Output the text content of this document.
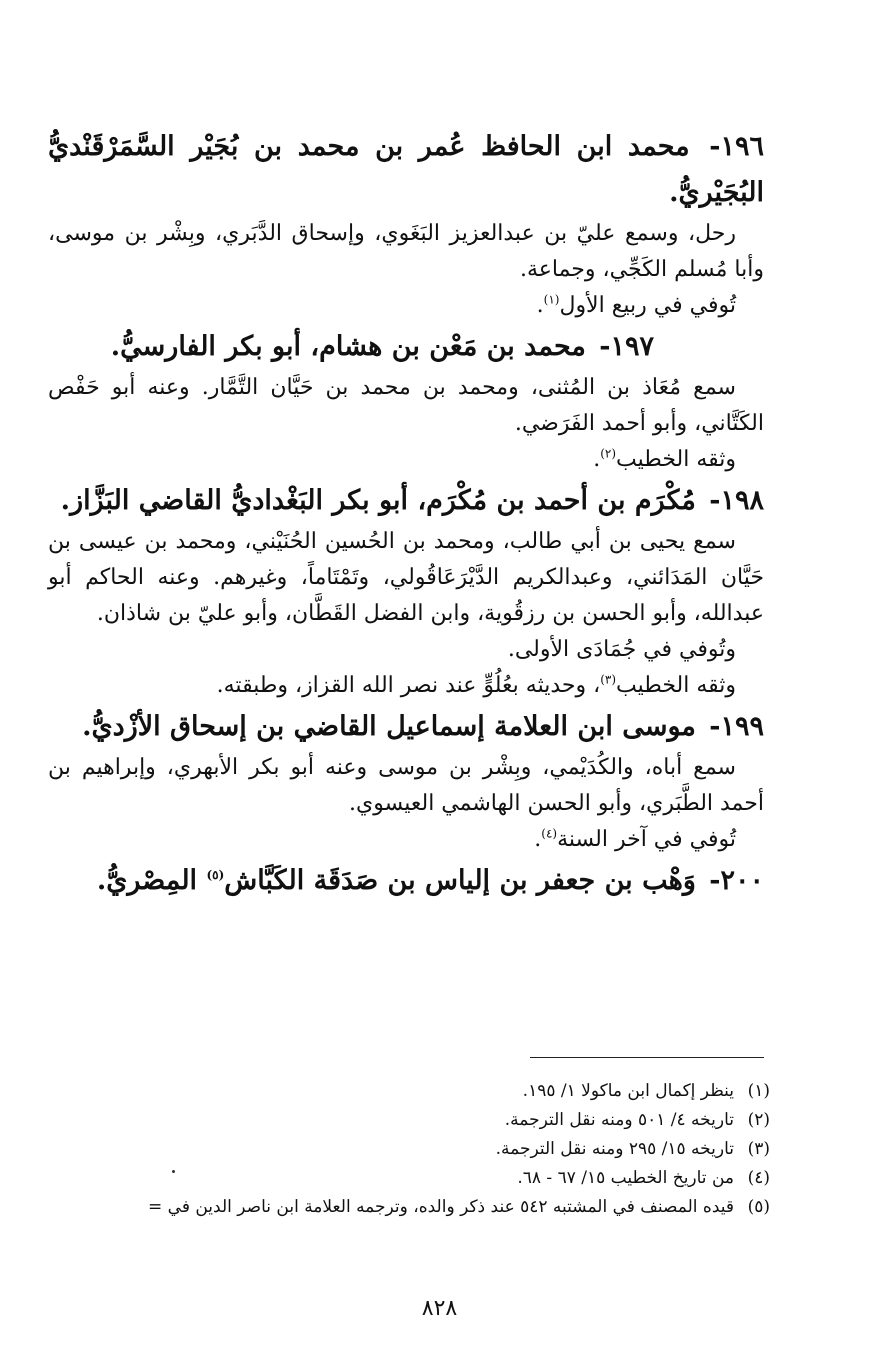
١٩٦- محمد ابن الحافظ عُمر بن محمد بن بُجَيْر السَّمَرْقَنْديُّ البُجَيْريُّ.

رحل، وسمع عليّ بن عبدالعزيز البَغَوي، وإسحاق الدَّبَري، وبِشْر بن موسى، وأبا مُسلم الكَجِّي، وجماعة.

تُوفي في ربيع الأول$^{(١)}$.

١٩٧- محمد بن مَعْن بن هشام، أبو بكر الفارسيُّ.

سمع مُعَاذ بن المُثنى، ومحمد بن محمد بن حَيَّان التَّمَّار. وعنه أبو حَفْص الكَتَّاني، وأبو أحمد الفَرَضي.

وثقه الخطيب$^{(٢)}$.

١٩٨- مُكْرَم بن أحمد بن مُكْرَم، أبو بكر البَغْداديُّ القاضي البَزَّاز.

سمع يحيى بن أبي طالب، ومحمد بن الحُسين الحُنَيْني، ومحمد بن عيسى بن حَيَّان المَدَائني، وعبدالكريم الدَّيْرَعَاقُولي، وتَمْتَاماً، وغيرهم. وعنه الحاكم أبو عبدالله، وأبو الحسن بن رزقُوية، وابن الفضل القَطَّان، وأبو عليّ بن شاذان.

وتُوفي في جُمَادَى الأولى.

وثقه الخطيب$^{(٣)}$، وحديثه بعُلُوٍّ عند نصر الله القزاز، وطبقته.

١٩٩- موسى ابن العلامة إسماعيل القاضي بن إسحاق الأزْديُّ.

سمع أباه، والكُدَيْمي، وبِشْر بن موسى وعنه أبو بكر الأبهري، وإبراهيم بن أحمد الطَّبَري، وأبو الحسن الهاشمي العيسوي.

تُوفي في آخر السنة$^{(٤)}$.

٢٠٠- وَهْب بن جعفر بن إلياس بن صَدَقَة الكَبَّاش$^{(٥)}$ المِصْريُّ.

(١)ينظر إكمال ابن ماكولا ١/ ١٩٥.

(٢)تاريخه ٤/ ٥٠١ ومنه نقل الترجمة.

(٣)تاريخه ١٥/ ٢٩٥ ومنه نقل الترجمة.

(٤)من تاريخ الخطيب ١٥/ ٦٧ - ٦٨.

(٥)قيده المصنف في المشتبه ٥٤٢ عند ذكر والده، وترجمه العلامة ابن ناصر الدين في =

٨٢٨
